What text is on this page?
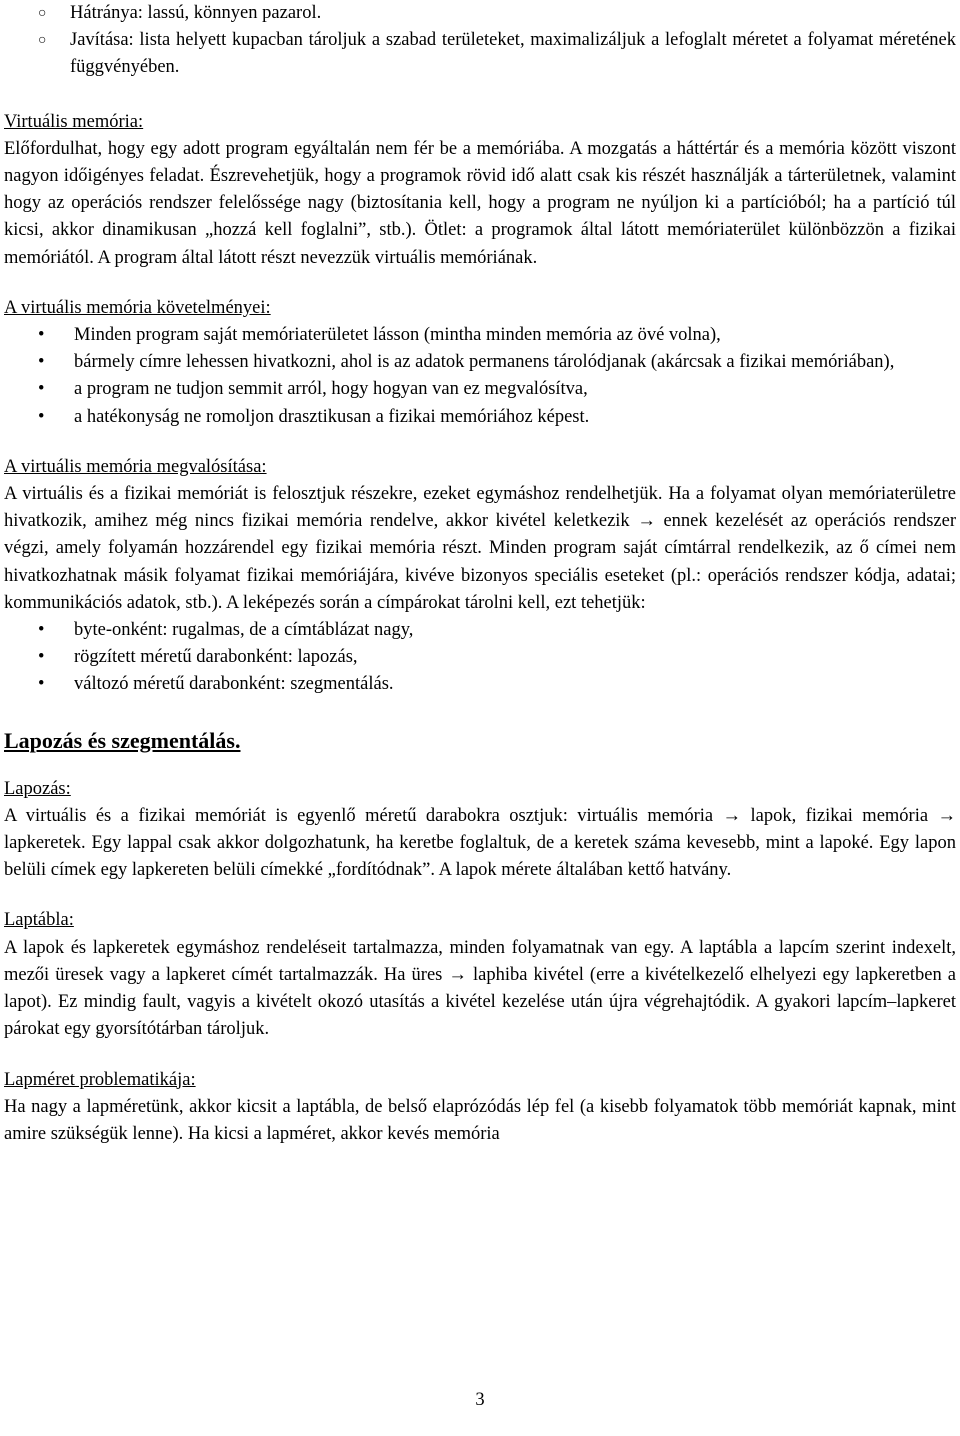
○ Hátránya: lassú, könnyen pazarol.
○ Javítása: lista helyett kupacban tároljuk a szabad területeket, maximalizáljuk a lefoglalt méretet a folyamat méretének függvényében.

Virtuális memória:

Előfordulhat, hogy egy adott program egyáltalán nem fér be a memóriába. A mozgatás a háttértár és a memória között viszont nagyon időigényes feladat. Észrevehetjük, hogy a programok rövid idő alatt csak kis részét használják a tárterületnek, valamint hogy az operációs rendszer felelőssége nagy (biztosítania kell, hogy a program ne nyúljon ki a partícióból; ha a partíció túl kicsi, akkor dinamikusan „hozzá kell foglalni”, stb.). Ötlet: a programok által látott memóriaterület különbözzön a fizikai memóriától. A program által látott részt nevezzük virtuális memóriának.

A virtuális memória követelményei:

• Minden program saját memóriaterületet lásson (mintha minden memória az övé volna),
• bármely címre lehessen hivatkozni, ahol is az adatok permanens tárolódjanak (akárcsak a fizikai memóriában),
• a program ne tudjon semmit arról, hogy hogyan van ez megvalósítva,
• a hatékonyság ne romoljon drasztikusan a fizikai memóriához képest.

A virtuális memória megvalósítása:

A virtuális és a fizikai memóriát is felosztjuk részekre, ezeket egymáshoz rendelhetjük. Ha a folyamat olyan memóriaterületre hivatkozik, amihez még nincs fizikai memória rendelve, akkor kivétel keletkezik → ennek kezelését az operációs rendszer végzi, amely folyamán hozzárendel egy fizikai memória részt. Minden program saját címtárral rendelkezik, az ő címei nem hivatkozhatnak másik folyamat fizikai memóriájára, kivéve bizonyos speciális eseteket (pl.: operációs rendszer kódja, adatai; kommunikációs adatok, stb.). A leképezés során a címpárokat tárolni kell, ezt tehetjük:

• byte-onként: rugalmas, de a címtáblázat nagy,
• rögzített méretű darabonként: lapozás,
• változó méretű darabonként: szegmentálás.

Lapozás és szegmentálás.

Lapozás:

A virtuális és a fizikai memóriát is egyenlő méretű darabokra osztjuk: virtuális memória → lapok, fizikai memória → lapkeretek. Egy lappal csak akkor dolgozhatunk, ha keretbe foglaltuk, de a keretek száma kevesebb, mint a lapoké. Egy lapon belüli címek egy lapkereten belüli címekké „fordítódnak”. A lapok mérete általában kettő hatvány.

Laptábla:

A lapok és lapkeretek egymáshoz rendeléseit tartalmazza, minden folyamatnak van egy. A laptábla a lapcím szerint indexelt, mezői üresek vagy a lapkeret címét tartalmazzák. Ha üres → laphiba kivétel (erre a kivételkezelő elhelyezi egy lapkeretben a lapot). Ez mindig fault, vagyis a kivételt okozó utasítás a kivétel kezelése után újra végrehajtódik. A gyakori lapcím–lapkeret párokat egy gyorsítótárban tároljuk.

Lapméret problematikája:

Ha nagy a lapméretünk, akkor kicsit a laptábla, de belső elaprózódás lép fel (a kisebb folyamatok több memóriát kapnak, mint amire szükségük lenne). Ha kicsi a lapméret, akkor kevés memória

3
